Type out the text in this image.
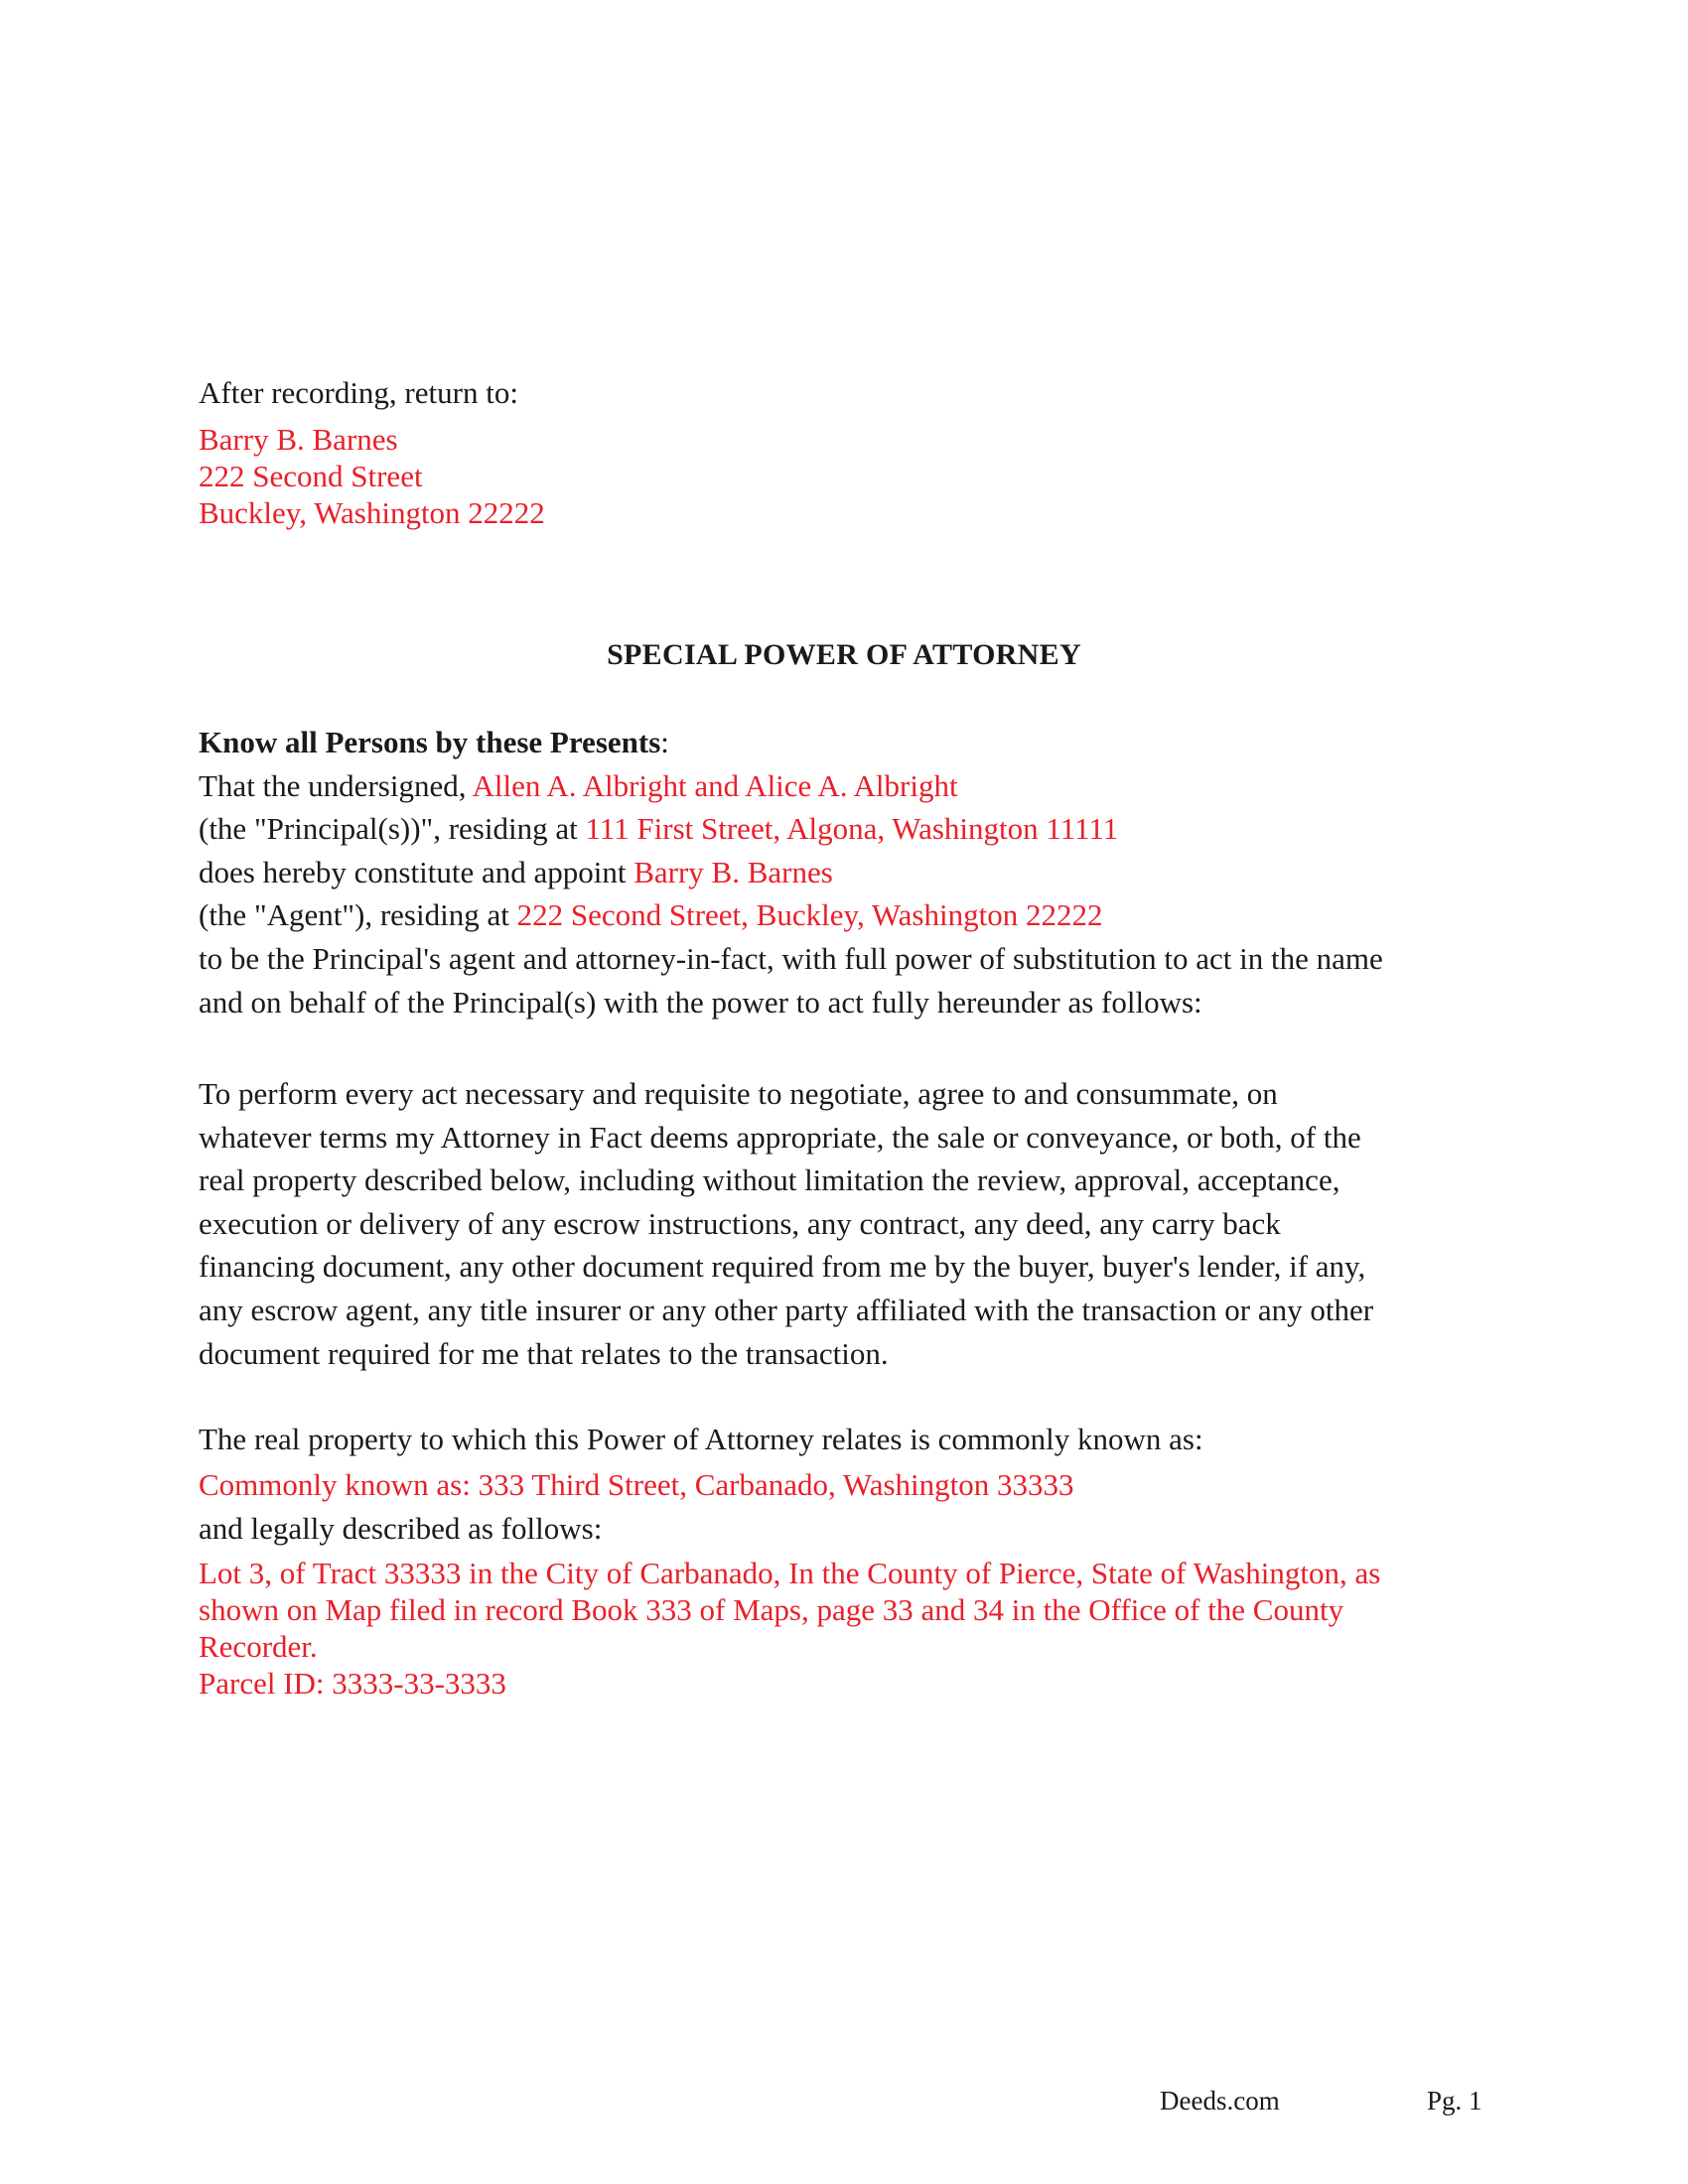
After recording, return to:
Barry B. Barnes
222 Second Street
Buckley, Washington 22222
SPECIAL POWER OF ATTORNEY
Know all Persons by these Presents:
That the undersigned, Allen A. Albright and Alice A. Albright
(the "Principal(s))", residing at 111 First Street, Algona, Washington 11111
does hereby constitute and appoint Barry B. Barnes
(the "Agent"), residing at 222 Second Street, Buckley, Washington 22222
to be the Principal's agent and attorney-in-fact, with full power of substitution to act in the name
and on behalf of the Principal(s) with the power to act fully hereunder as follows:
To perform every act necessary and requisite to negotiate, agree to and consummate, on
whatever terms my Attorney in Fact deems appropriate, the sale or conveyance, or both, of the
real property described below, including without limitation the review, approval, acceptance,
execution or delivery of any escrow instructions, any contract, any deed, any carry back
financing document, any other document required from me by the buyer, buyer's lender, if any,
any escrow agent, any title insurer or any other party affiliated with the transaction or any other
document required for me that relates to the transaction.
The real property to which this Power of Attorney relates is commonly known as:
Commonly known as: 333 Third Street, Carbanado, Washington 33333
and legally described as follows:
Lot 3, of Tract 33333 in the City of Carbanado, In the County of Pierce, State of Washington, as
shown on Map filed in record Book 333 of Maps, page 33 and 34 in the Office of the County
Recorder.
Parcel ID: 3333-33-3333
Deeds.com	Pg. 1
